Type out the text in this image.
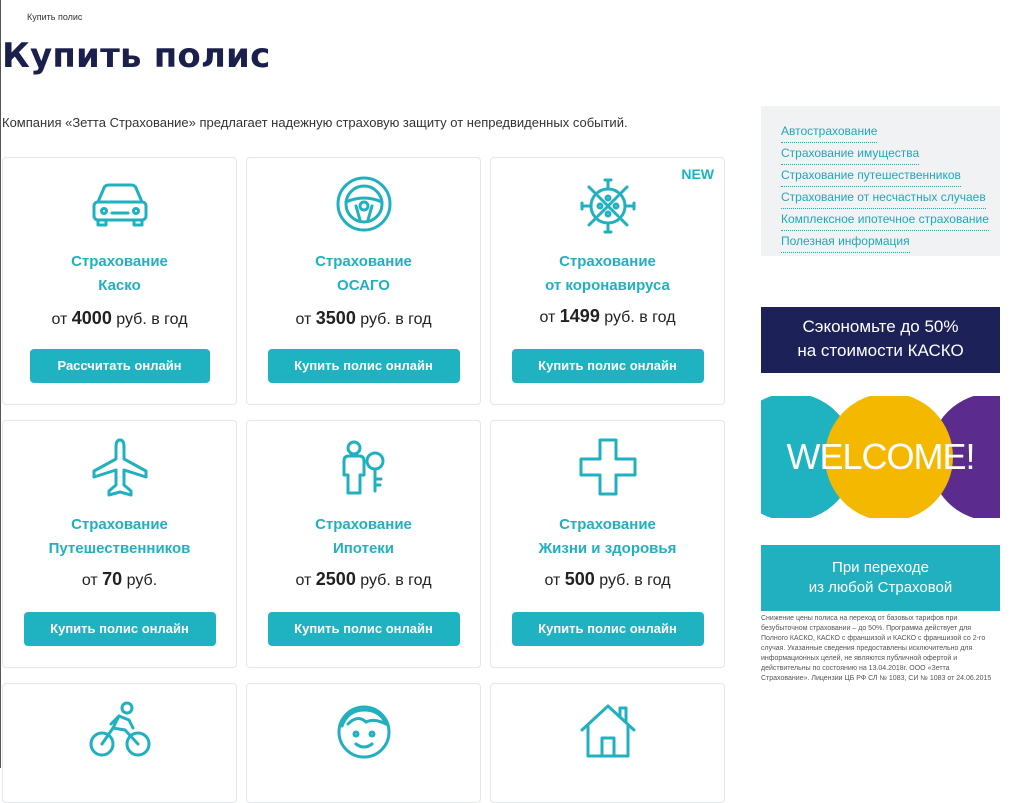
Купить полис
Купить полис
Компания «Зетта Страхование» предлагает надежную страховую защиту от непредвиденных событий.
Страхование
Каско
от 4000 руб. в год
Рассчитать онлайн
Страхование
ОСАГО
от 3500 руб. в год
Купить полис онлайн
NEW
Страхование
от коронавируса
от 1499 руб. в год
Купить полис онлайн
Страхование
Путешественников
от 70 руб.
Купить полис онлайн
Страхование
Ипотеки
от 2500 руб. в год
Купить полис онлайн
Страхование
Жизни и здоровья
от 500 руб. в год
Купить полис онлайн
Автострахование
Страхование имущества
Страхование путешественников
Страхование от несчастных случаев
Комплексное ипотечное страхование
Полезная информация
Сэкономьте до 50%
на стоимости КАСКО
WELCOME!
При переходе
из любой Страховой
Снижение цены полиса на переход от базовых тарифов при безубыточном страховании – до 50%. Программа действует для Полного КАСКО, КАСКО с франшизой и КАСКО с франшизой со 2-го случая. Указанные сведения предоставлены исключительно для информационных целей, не являются публичной офертой и действительны по состоянию на 13.04.2018г. ООО «Зетта Страхование». Лицензии ЦБ РФ СЛ № 1083, СИ № 1083 от 24.06.2015
